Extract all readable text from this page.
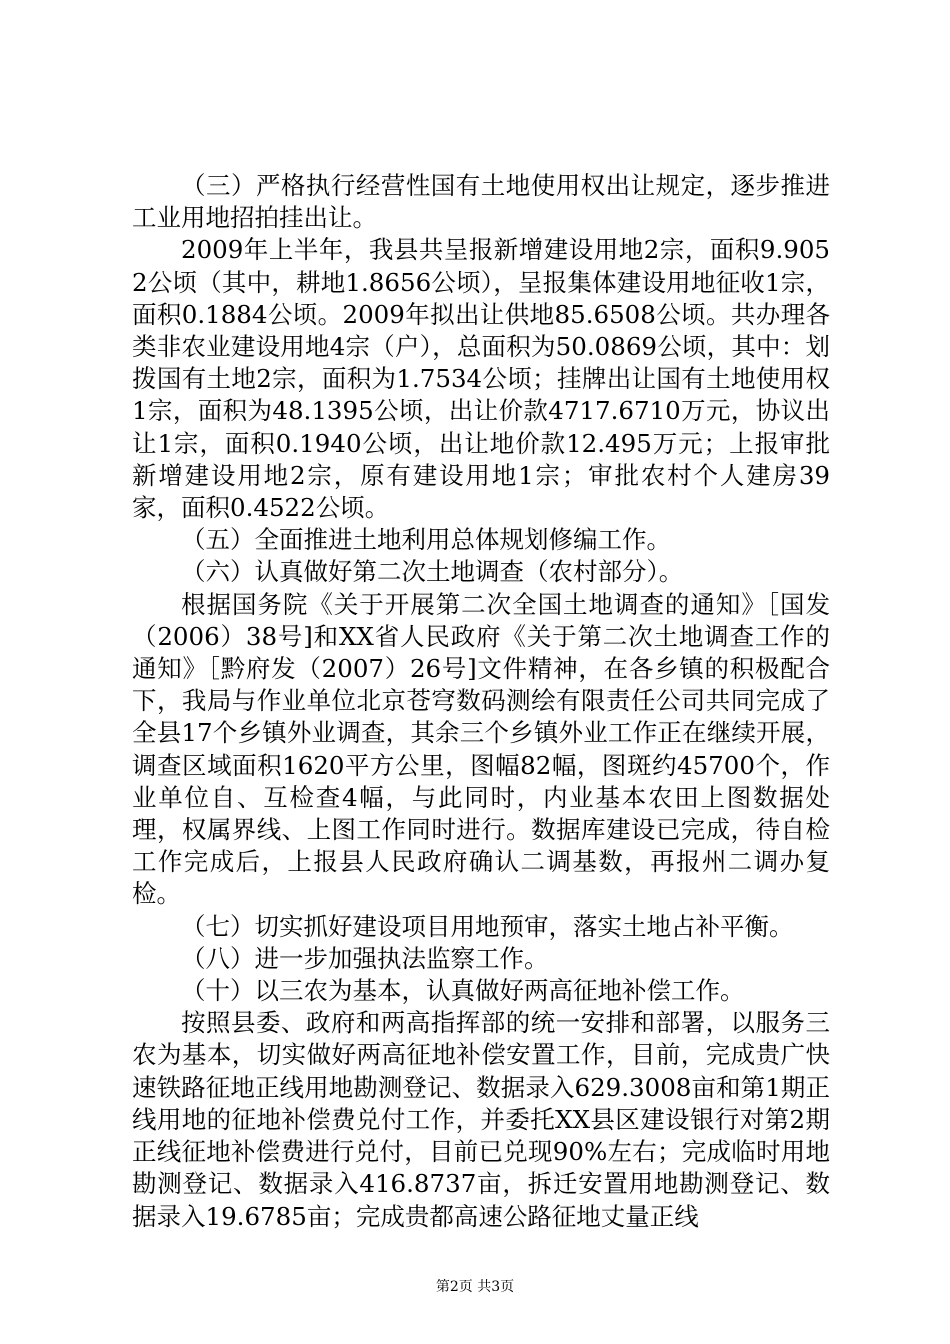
（三）严格执行经营性国有土地使用权出让规定，逐步推进工业用地招拍挂出让。

2009年上半年，我县共呈报新增建设用地2宗，面积9.9052公顷（其中，耕地1.8656公顷），呈报集体建设用地征收1宗，面积0.1884公顷。2009年拟出让供地85.6508公顷。共办理各类非农业建设用地4宗（户），总面积为50.0869公顷，其中：划拨国有土地2宗，面积为1.7534公顷；挂牌出让国有土地使用权1宗，面积为48.1395公顷，出让价款4717.6710万元，协议出让1宗，面积0.1940公顷，出让地价款12.495万元；上报审批新增建设用地2宗，原有建设用地1宗；审批农村个人建房39家，面积0.4522公顷。

（五）全面推进土地利用总体规划修编工作。

（六）认真做好第二次土地调查（农村部分）。

根据国务院《关于开展第二次全国土地调查的通知》［国发（2006）38号]和XX省人民政府《关于第二次土地调查工作的通知》［黔府发（2007）26号]文件精神，在各乡镇的积极配合下，我局与作业单位北京苍穹数码测绘有限责任公司共同完成了全县17个乡镇外业调查，其余三个乡镇外业工作正在继续开展，调查区域面积1620平方公里，图幅82幅，图斑约45700个，作业单位自、互检查4幅，与此同时，内业基本农田上图数据处理，权属界线、上图工作同时进行。数据库建设已完成，待自检工作完成后，上报县人民政府确认二调基数，再报州二调办复检。

（七）切实抓好建设项目用地预审，落实土地占补平衡。

（八）进一步加强执法监察工作。

（十）以三农为基本，认真做好两高征地补偿工作。

按照县委、政府和两高指挥部的统一安排和部署，以服务三农为基本，切实做好两高征地补偿安置工作，目前，完成贵广快速铁路征地正线用地勘测登记、数据录入629.3008亩和第1期正线用地的征地补偿费兑付工作，并委托XX县区建设银行对第2期正线征地补偿费进行兑付，目前已兑现90%左右；完成临时用地勘测登记、数据录入416.8737亩，拆迁安置用地勘测登记、数据录入19.6785亩；完成贵都高速公路征地丈量正线

第2页 共3页
